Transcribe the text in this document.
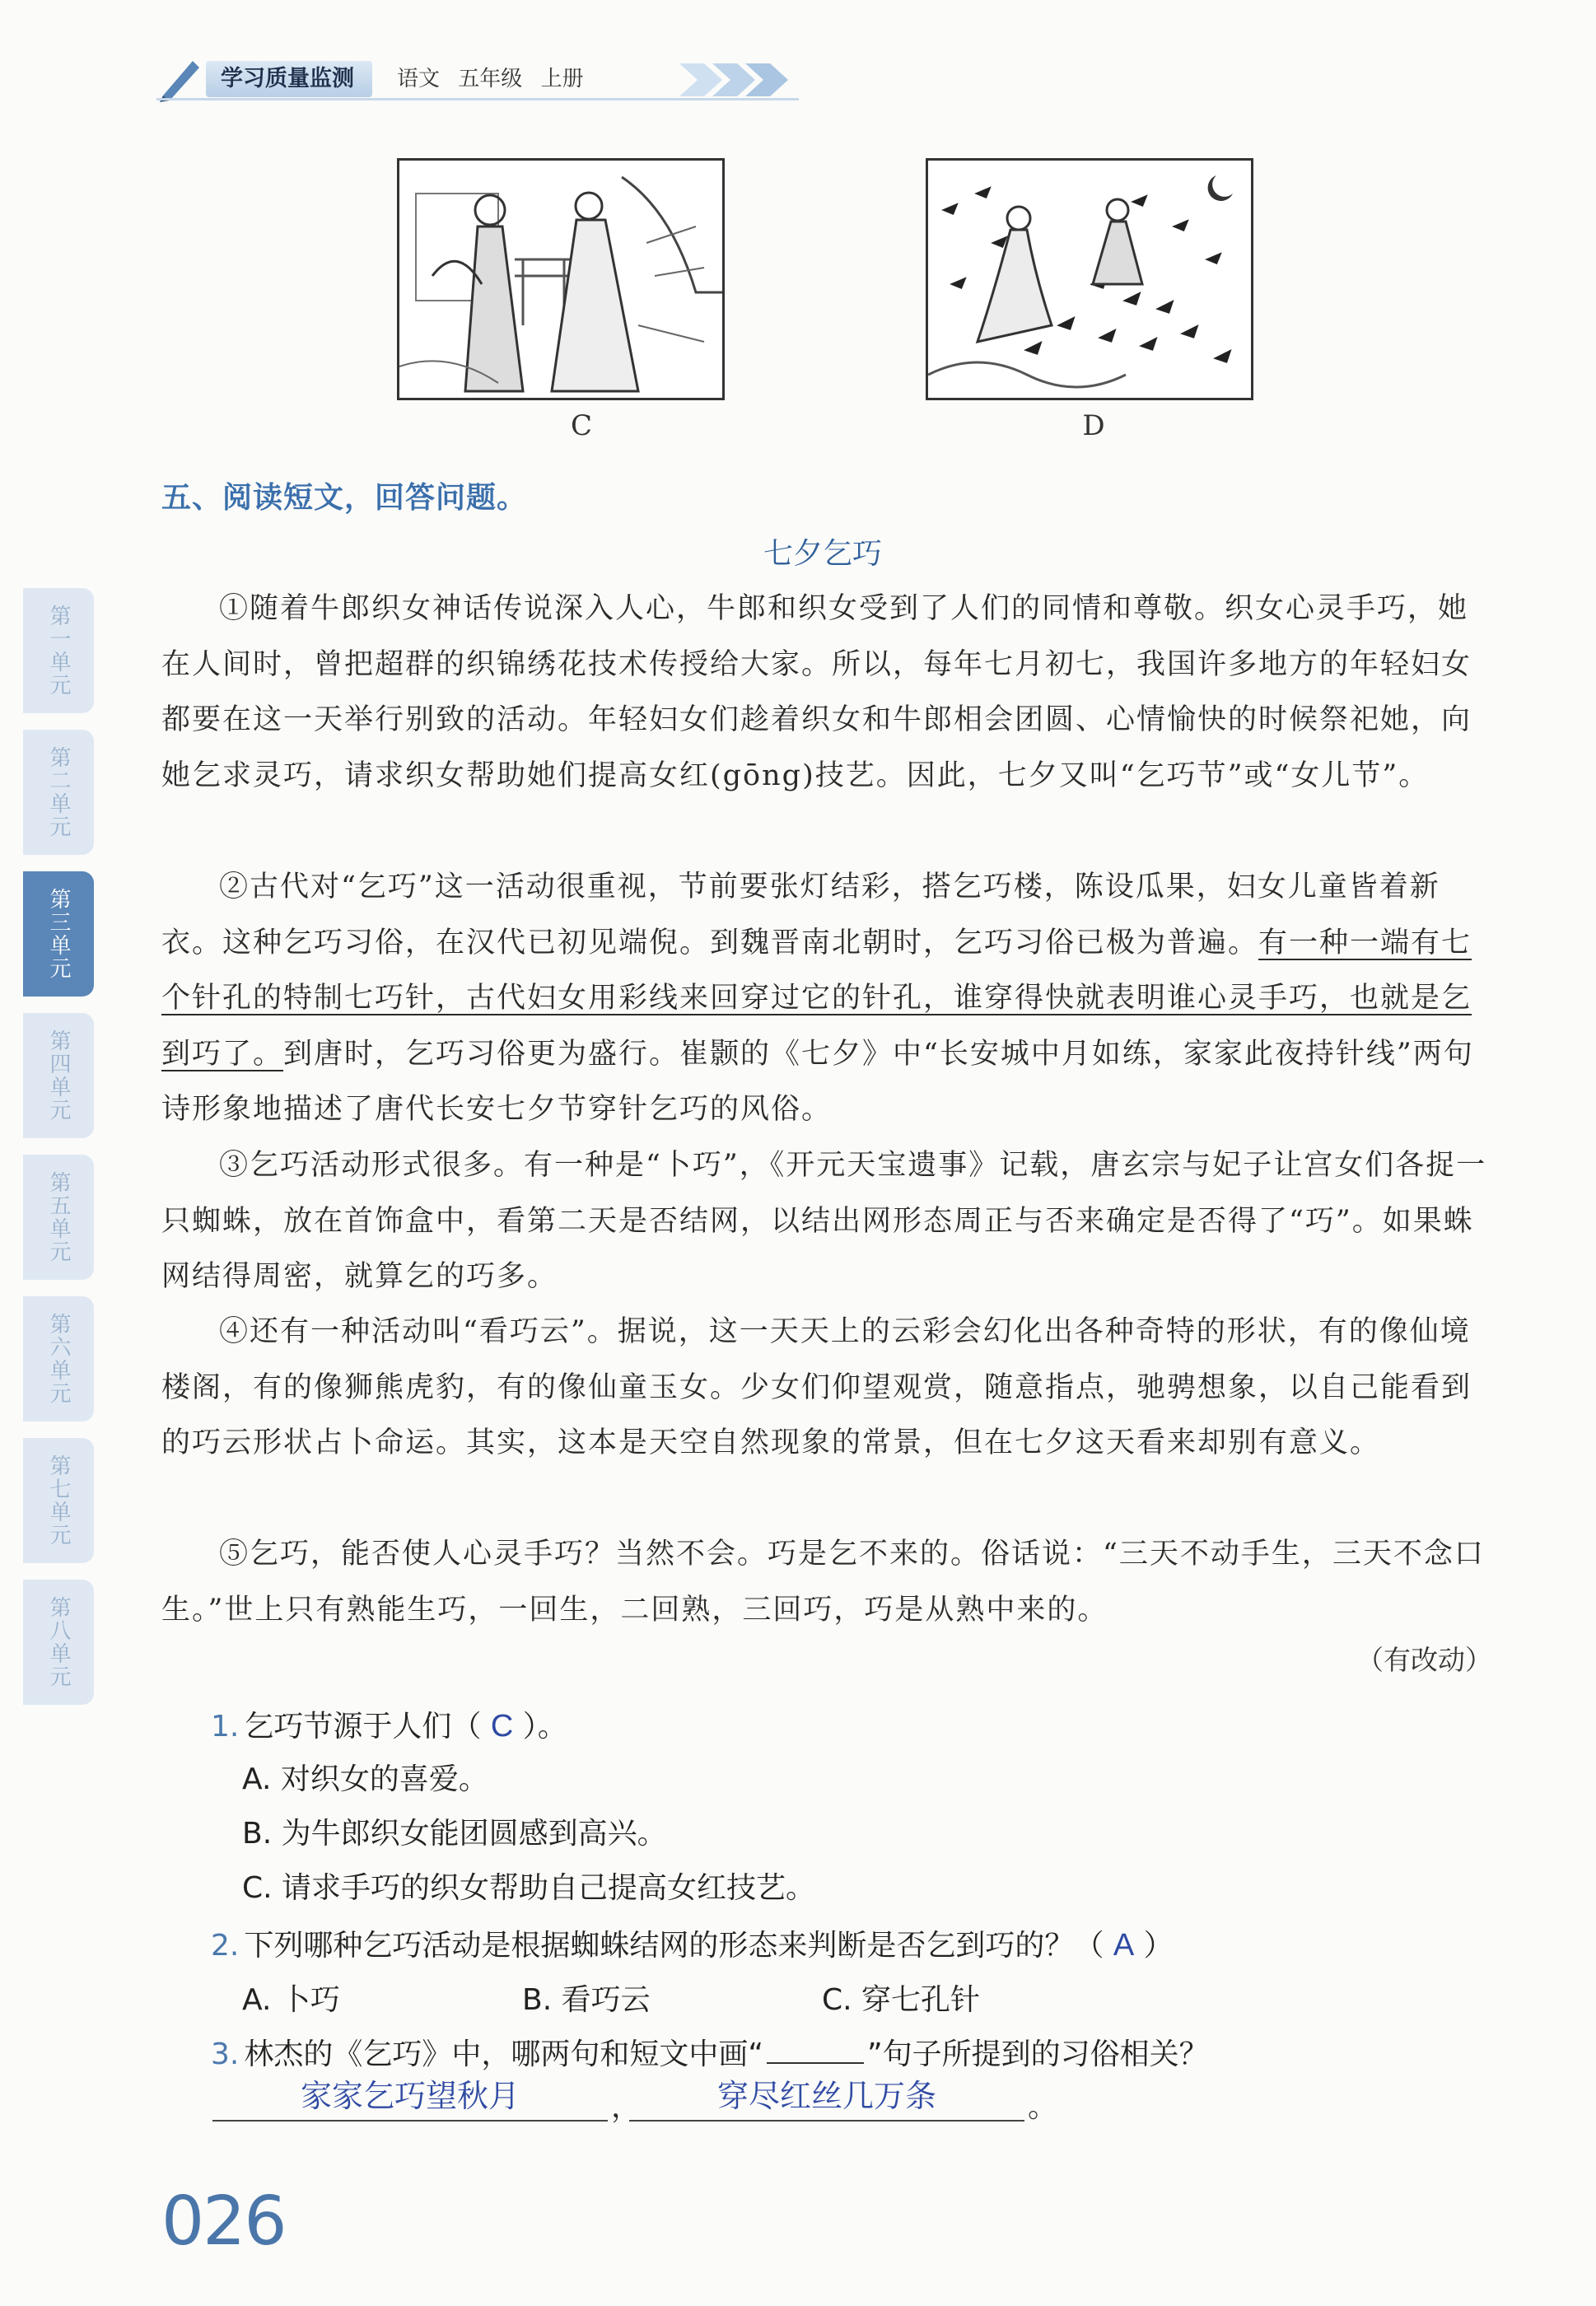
学习质量监测	语文 五年级 上册
C	D
五、阅读短文，回答问题。
七夕乞巧

①随着牛郎织女神话传说深入人心，牛郎和织女受到了人们的同情和尊敬。织女心灵手巧，她在人间时，曾把超群的织锦绣花技术传授给大家。所以，每年七月初七，我国许多地方的年轻妇女都要在这一天举行别致的活动。年轻妇女们趁着织女和牛郎相会团圆、心情愉快的时候祭祀她，向她乞求灵巧，请求织女帮助她们提高女红(gōng)技艺。因此，七夕又叫“乞巧节”或“女儿节”。

②古代对“乞巧”这一活动很重视，节前要张灯结彩，搭乞巧楼，陈设瓜果，妇女儿童皆着新衣。这种乞巧习俗，在汉代已初见端倪。到魏晋南北朝时，乞巧习俗已极为普遍。有一种一端有七个针孔的特制七巧针，古代妇女用彩线来回穿过它的针孔，谁穿得快就表明谁心灵手巧，也就是乞到巧了。到唐时，乞巧习俗更为盛行。崔颢的《七夕》中“长安城中月如练，家家此夜持针线”两句诗形象地描述了唐代长安七夕节穿针乞巧的风俗。

③乞巧活动形式很多。有一种是“卜巧”，《开元天宝遗事》记载，唐玄宗与妃子让宫女们各捉一只蜘蛛，放在首饰盒中，看第二天是否结网，以结出网形态周正与否来确定是否得了“巧”。如果蛛网结得周密，就算乞的巧多。

④还有一种活动叫“看巧云”。据说，这一天天上的云彩会幻化出各种奇特的形状，有的像仙境楼阁，有的像狮熊虎豹，有的像仙童玉女。少女们仰望观赏，随意指点，驰骋想象，以自己能看到的巧云形状占卜命运。其实，这本是天空自然现象的常景，但在七夕这天看来却别有意义。

⑤乞巧，能否使人心灵手巧？当然不会。巧是乞不来的。俗话说：“三天不动手生，三天不念口生。”世上只有熟能生巧，一回生，二回熟，三回巧，巧是从熟中来的。

（有改动）
第一单元
第二单元
第三单元
第四单元
第五单元
第六单元
第七单元
第八单元
1. 乞巧节源于人们（ C ）。
A. 对织女的喜爱。
B. 为牛郎织女能团圆感到高兴。
C. 请求手巧的织女帮助自己提高女红技艺。
2. 下列哪种乞巧活动是根据蜘蛛结网的形态来判断是否乞到巧的？（ A ）
A. 卜巧	B. 看巧云	C. 穿七孔针
3. 林杰的《乞巧》中，哪两句和短文中画“	”句子所提到的习俗相关？
家家乞巧望秋月	，	穿尽红丝几万条	。
026
